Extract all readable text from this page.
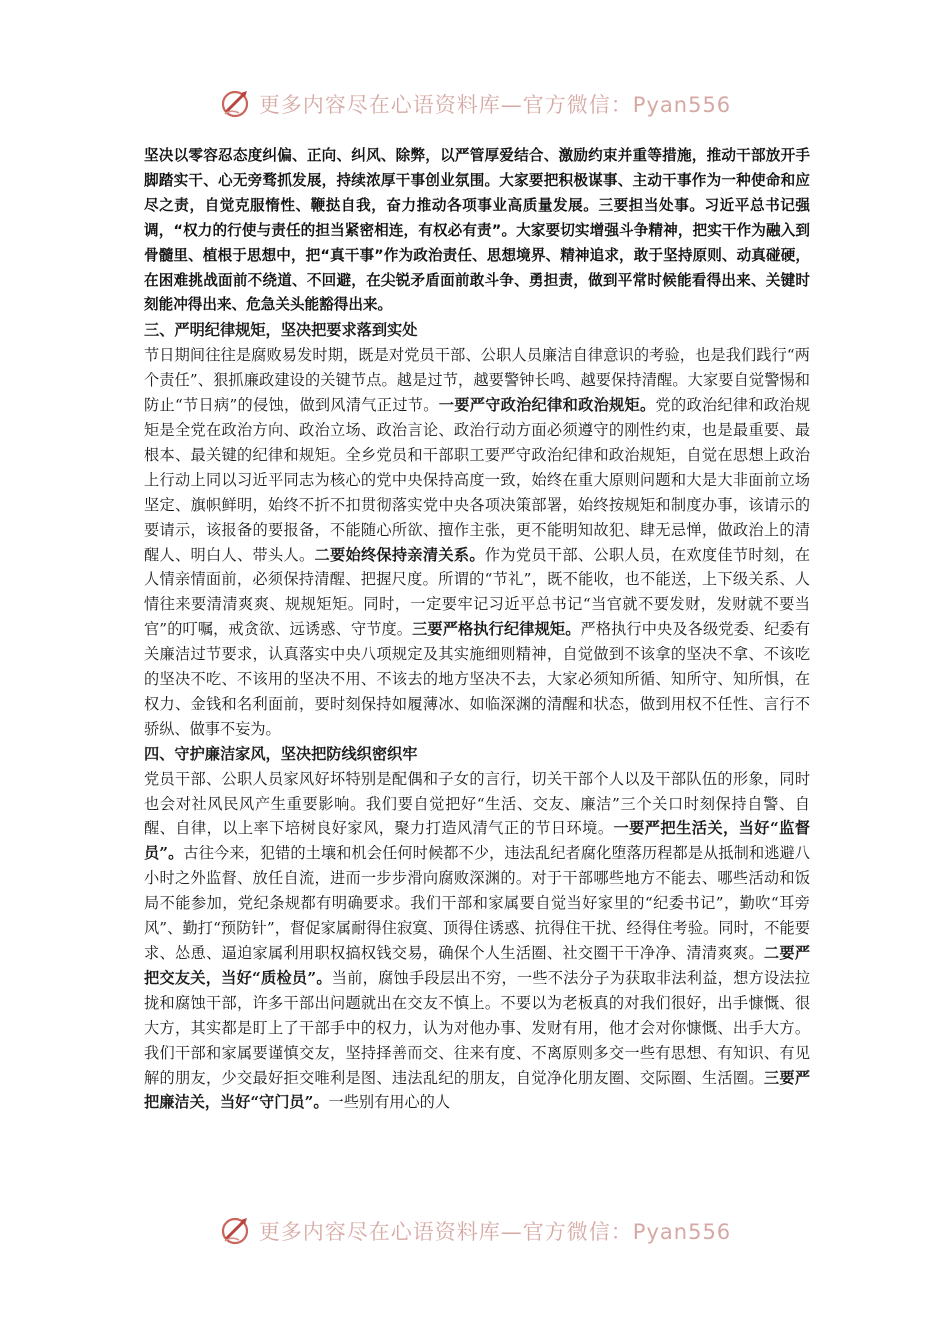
更多内容尽在心语资料库—官方微信：Pyan556

坚决以零容忍态度纠偏、正向、纠风、除弊，以严管厚爱结合、激励约束并重等措施，推动干部放开手脚踏实干、心无旁骛抓发展，持续浓厚干事创业氛围。大家要把积极谋事、主动干事作为一种使命和应尽之责，自觉克服惰性、鞭挞自我，奋力推动各项事业高质量发展。三要担当处事。习近平总书记强调，“权力的行使与责任的担当紧密相连，有权必有责”。大家要切实增强斗争精神，把实干作为融入到骨髓里、植根于思想中，把“真干事”作为政治责任、思想境界、精神追求，敢于坚持原则、动真碰硬，在困难挑战面前不绕道、不回避，在尖锐矛盾面前敢斗争、勇担责，做到平常时候能看得出来、关键时刻能冲得出来、危急关头能豁得出来。

三、严明纪律规矩，坚决把要求落到实处

节日期间往往是腐败易发时期，既是对党员干部、公职人员廉洁自律意识的考验，也是我们践行“两个责任”、狠抓廉政建设的关键节点。越是过节，越要警钟长鸣、越要保持清醒。大家要自觉警惕和防止“节日病”的侵蚀，做到风清气正过节。一要严守政治纪律和政治规矩。党的政治纪律和政治规矩是全党在政治方向、政治立场、政治言论、政治行动方面必须遵守的刚性约束，也是最重要、最根本、最关键的纪律和规矩。全乡党员和干部职工要严守政治纪律和政治规矩，自觉在思想上政治上行动上同以习近平同志为核心的党中央保持高度一致，始终在重大原则问题和大是大非面前立场坚定、旗帜鲜明，始终不折不扣贯彻落实党中央各项决策部署，始终按规矩和制度办事，该请示的要请示，该报备的要报备，不能随心所欲、擅作主张，更不能明知故犯、肆无忌惮，做政治上的清醒人、明白人、带头人。二要始终保持亲清关系。作为党员干部、公职人员，在欢度佳节时刻，在人情亲情面前，必须保持清醒、把握尺度。所谓的“节礼”，既不能收，也不能送，上下级关系、人情往来要清清爽爽、规规矩矩。同时，一定要牢记习近平总书记“当官就不要发财，发财就不要当官”的叮嘱，戒贪欲、远诱惑、守节度。三要严格执行纪律规矩。严格执行中央及各级党委、纪委有关廉洁过节要求，认真落实中央八项规定及其实施细则精神，自觉做到不该拿的坚决不拿、不该吃的坚决不吃、不该用的坚决不用、不该去的地方坚决不去，大家必须知所循、知所守、知所惧，在权力、金钱和名利面前，要时刻保持如履薄冰、如临深渊的清醒和状态，做到用权不任性、言行不骄纵、做事不妄为。

四、守护廉洁家风，坚决把防线织密织牢

党员干部、公职人员家风好坏特别是配偶和子女的言行，切关干部个人以及干部队伍的形象，同时也会对社风民风产生重要影响。我们要自觉把好“生活、交友、廉洁”三个关口时刻保持自警、自醒、自律，以上率下培树良好家风，聚力打造风清气正的节日环境。一要严把生活关，当好“监督员”。古往今来，犯错的土壤和机会任何时候都不少，违法乱纪者腐化堕落历程都是从抵制和逃避八小时之外监督、放任自流，进而一步步滑向腐败深渊的。对于干部哪些地方不能去、哪些活动和饭局不能参加，党纪条规都有明确要求。我们干部和家属要自觉当好家里的“纪委书记”，勤吹“耳旁风”、勤打“预防针”，督促家属耐得住寂寞、顶得住诱惑、抗得住干扰、经得住考验。同时，不能要求、怂恿、逼迫家属利用职权搞权钱交易，确保个人生活圈、社交圈干干净净、清清爽爽。二要严把交友关，当好“质检员”。当前，腐蚀手段层出不穷，一些不法分子为获取非法利益，想方设法拉拢和腐蚀干部，许多干部出问题就出在交友不慎上。不要以为老板真的对我们很好，出手慷慨、很大方，其实都是盯上了干部手中的权力，认为对他办事、发财有用，他才会对你慷慨、出手大方。我们干部和家属要谨慎交友，坚持择善而交、往来有度、不离原则多交一些有思想、有知识、有见解的朋友，少交最好拒交唯利是图、违法乱纪的朋友，自觉净化朋友圈、交际圈、生活圈。三要严把廉洁关，当好“守门员”。一些别有用心的人

更多内容尽在心语资料库—官方微信：Pyan556
